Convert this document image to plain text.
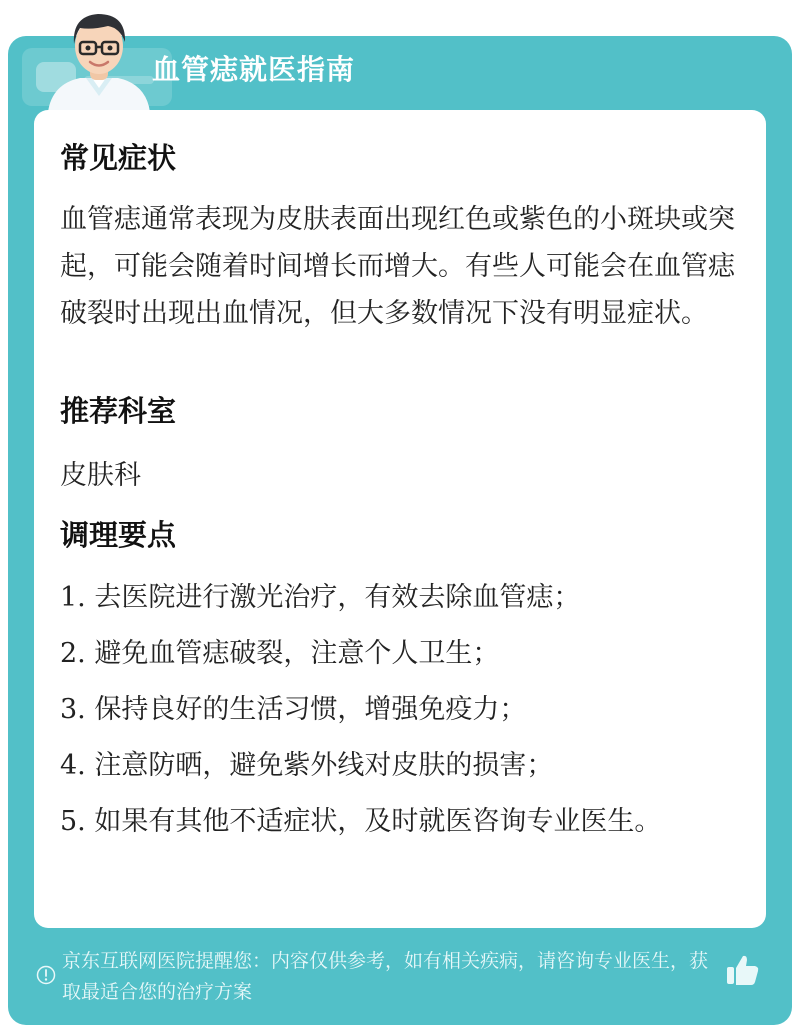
血管痣就医指南
常见症状
血管痣通常表现为皮肤表面出现红色或紫色的小斑块或突起，可能会随着时间增长而增大。有些人可能会在血管痣破裂时出现出血情况，但大多数情况下没有明显症状。
推荐科室
皮肤科
调理要点
1. 去医院进行激光治疗，有效去除血管痣；
2. 避免血管痣破裂，注意个人卫生；
3. 保持良好的生活习惯，增强免疫力；
4. 注意防晒，避免紫外线对皮肤的损害；
5. 如果有其他不适症状，及时就医咨询专业医生。
京东互联网医院提醒您：内容仅供参考，如有相关疾病，请咨询专业医生，获取最适合您的治疗方案
